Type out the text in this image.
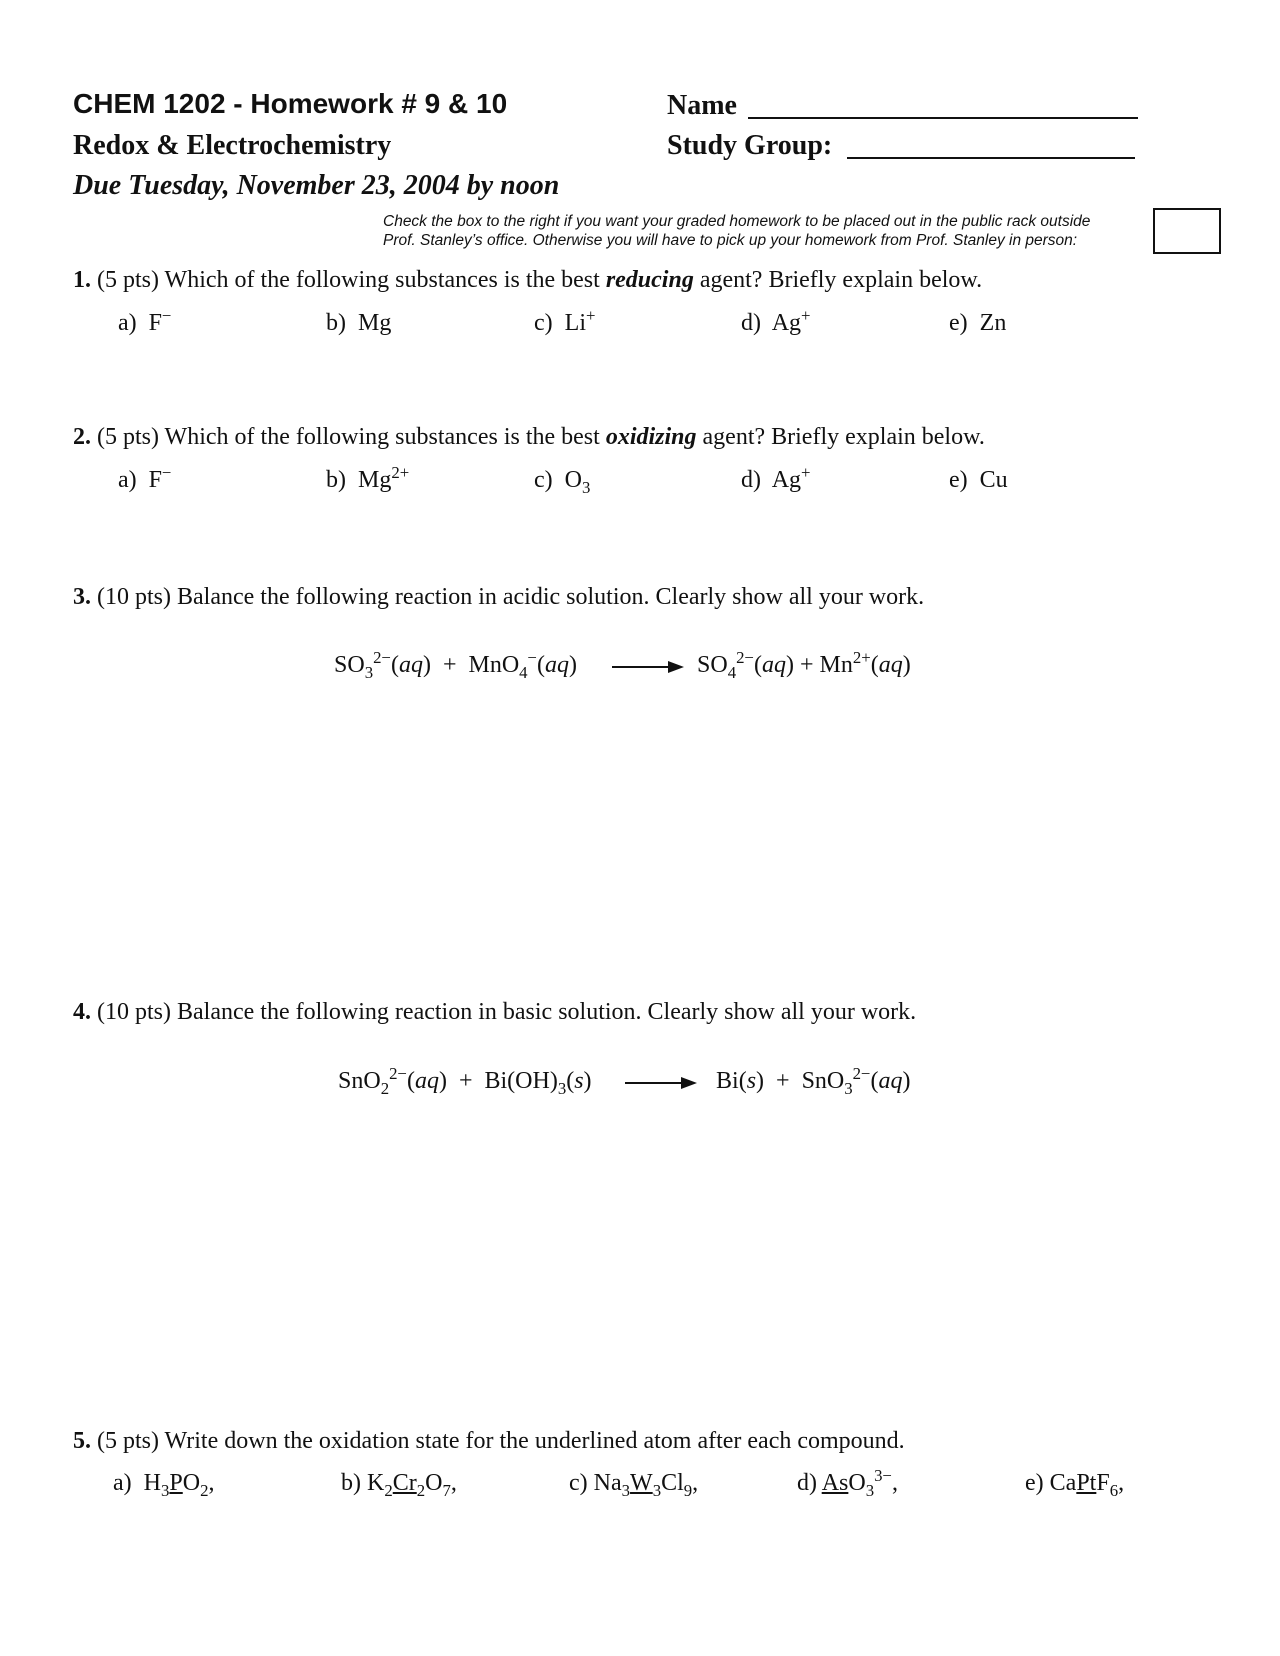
CHEM 1202 - Homework # 9 & 10
Redox & Electrochemistry
Due Tuesday, November 23, 2004 by noon
Name
Study Group:
Check the box to the right if you want your graded homework to be placed out in the public rack outside
Prof. Stanley’s office. Otherwise you will have to pick up your homework from Prof. Stanley in person:
1. (5 pts) Which of the following substances is the best reducing agent? Briefly explain below.
a) F−	b) Mg	c) Li+	d) Ag+	e) Zn
2. (5 pts) Which of the following substances is the best oxidizing agent? Briefly explain below.
a) F−	b) $Mg^{2+}$	c) $O_3$	d) Ag+	e) Cu
3. (10 pts) Balance the following reaction in acidic solution. Clearly show all your work.
$SO_3^{2-}(aq) + MnO_4^-(aq)$	$SO_4^{2-}(aq) + Mn^{2+}(aq)$
4. (10 pts) Balance the following reaction in basic solution. Clearly show all your work.
$SnO_2^{2-}(aq) + Bi(OH)_3(s)$	Bi(s)  + SnO$_3^{2-}$(aq)
5. (5 pts) Write down the oxidation state for the underlined atom after each compound.
a) $H_3PO_2$,	b) $K_2Cr_2O_7$,	c) $Na_3W_3Cl_9$,	d) AsO$_3^{3-}$,	e) CaPtF$_6$,
